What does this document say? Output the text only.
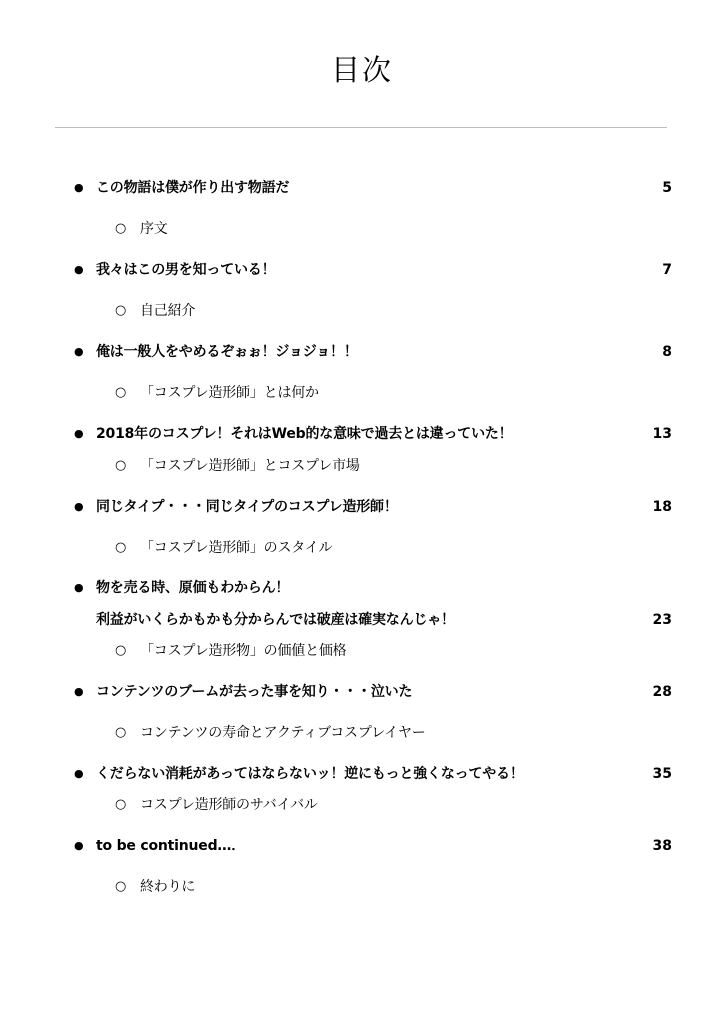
目次
● この物語は僕が作り出す物語だ	5
○ 序文
● 我々はこの男を知っている！	7
○ 自己紹介
● 俺は一般人をやめるぞぉぉ！ジョジョ！！	8
○ 「コスプレ造形師」とは何か
● 2018年のコスプレ！それはWeb的な意味で過去とは違っていた！	13
○ 「コスプレ造形師」とコスプレ市場
● 同じタイプ・・・同じタイプのコスプレ造形師！	18
○ 「コスプレ造形師」のスタイル
● 物を売る時、原価もわからん！
利益がいくらかもかも分からんでは破産は確実なんじゃ！	23
○ 「コスプレ造形物」の価値と価格
● コンテンツのブームが去った事を知り・・・泣いた	28
○ コンテンツの寿命とアクティブコスプレイヤー
● くだらない消耗があってはならないッ！逆にもっと強くなってやる！	35
○ コスプレ造形師のサバイバル
● to be continued…．	38
○ 終わりに
